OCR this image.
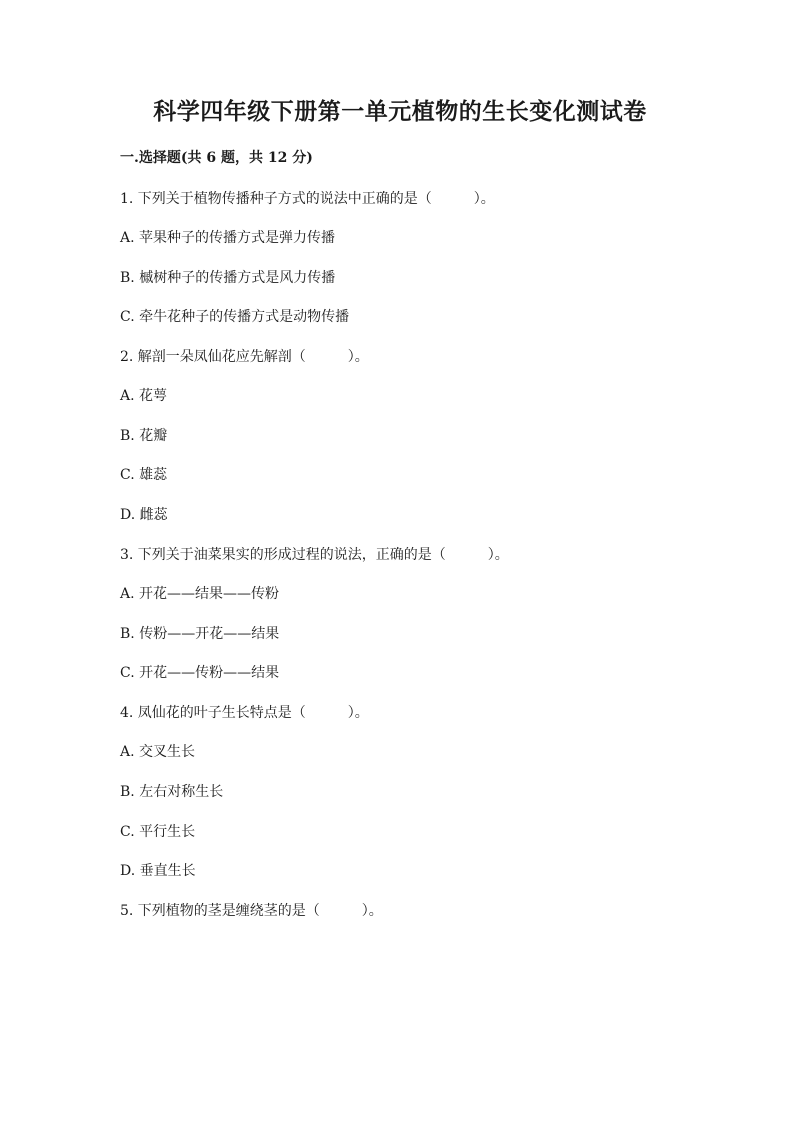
科学四年级下册第一单元植物的生长变化测试卷
一.选择题(共 6 题，共 12 分)
1. 下列关于植物传播种子方式的说法中正确的是（　　　）。
A. 苹果种子的传播方式是弹力传播
B. 槭树种子的传播方式是风力传播
C. 牵牛花种子的传播方式是动物传播
2. 解剖一朵凤仙花应先解剖（　　　）。
A. 花萼
B. 花瓣
C. 雄蕊
D. 雌蕊
3. 下列关于油菜果实的形成过程的说法，正确的是（　　　）。
A. 开花——结果——传粉
B. 传粉——开花——结果
C. 开花——传粉——结果
4. 凤仙花的叶子生长特点是（　　　）。
A. 交叉生长
B. 左右对称生长
C. 平行生长
D. 垂直生长
5. 下列植物的茎是缠绕茎的是（　　　）。
